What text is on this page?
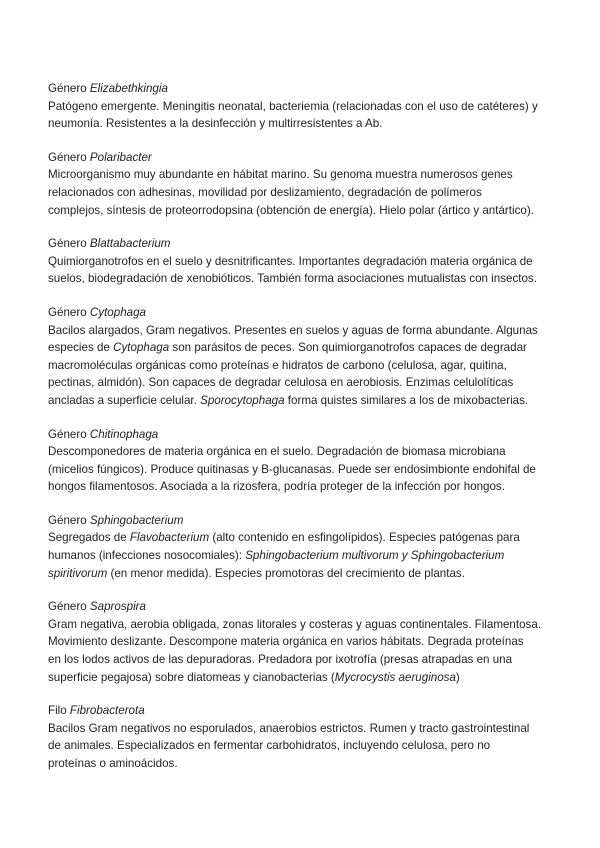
Género Elizabethkingia
Patógeno emergente. Meningitis neonatal, bacteriemia (relacionadas con el uso de catéteres) y
neumonía. Resistentes a la desinfección y multirresistentes a Ab.
Género Polaribacter
Microorganismo muy abundante en hábitat marino. Su genoma muestra numerosos genes
relacionados con adhesinas, movilidad por deslizamiento, degradación de polímeros
complejos, síntesis de proteorrodopsina (obtención de energía). Hielo polar (ártico y antártico).
Género Blattabacterium
Quimiorganotrofos en el suelo y desnitrificantes. Importantes degradación materia orgánica de
suelos, biodegradación de xenobióticos. También forma asociaciones mutualistas con insectos.
Género Cytophaga
Bacilos alargados, Gram negativos. Presentes en suelos y aguas de forma abundante. Algunas
especies de Cytophaga son parásitos de peces. Son quimiorganotrofos capaces de degradar
macromoléculas orgánicas como proteínas e hidratos de carbono (celulosa, agar, quitina,
pectinas, almidón). Son capaces de degradar celulosa en aerobiosis. Enzimas celulolíticas
ancladas a superficie celular. Sporocytophaga forma quistes similares a los de mixobacterias.
Género Chitinophaga
Descomponedores de materia orgánica en el suelo. Degradación de biomasa microbiana
(micelios fúngicos). Produce quitinasas y B-glucanasas. Puede ser endosimbionte endohifal de
hongos filamentosos. Asociada a la rizosfera, podría proteger de la infección por hongos.
Género Sphingobacterium
Segregados de Flavobacterium (alto contenido en esfingolípidos). Especies patógenas para
humanos (infecciones nosocomiales): Sphingobacterium multivorum y Sphingobacterium
spiritivorum (en menor medida). Especies promotoras del crecimiento de plantas.
Género Saprospira
Gram negativa, aerobia obligada, zonas litorales y costeras y aguas continentales. Filamentosa.
Movimiento deslizante. Descompone materia orgánica en varios hábitats. Degrada proteínas
en los lodos activos de las depuradoras. Predadora por ixotrofía (presas atrapadas en una
superficie pegajosa) sobre diatomeas y cianobacterias (Mycrocystis aeruginosa)
Filo Fibrobacterota
Bacilos Gram negativos no esporulados, anaerobios estrictos. Rumen y tracto gastrointestinal
de animales. Especializados en fermentar carbohidratos, incluyendo celulosa, pero no
proteínas o aminoácidos.
